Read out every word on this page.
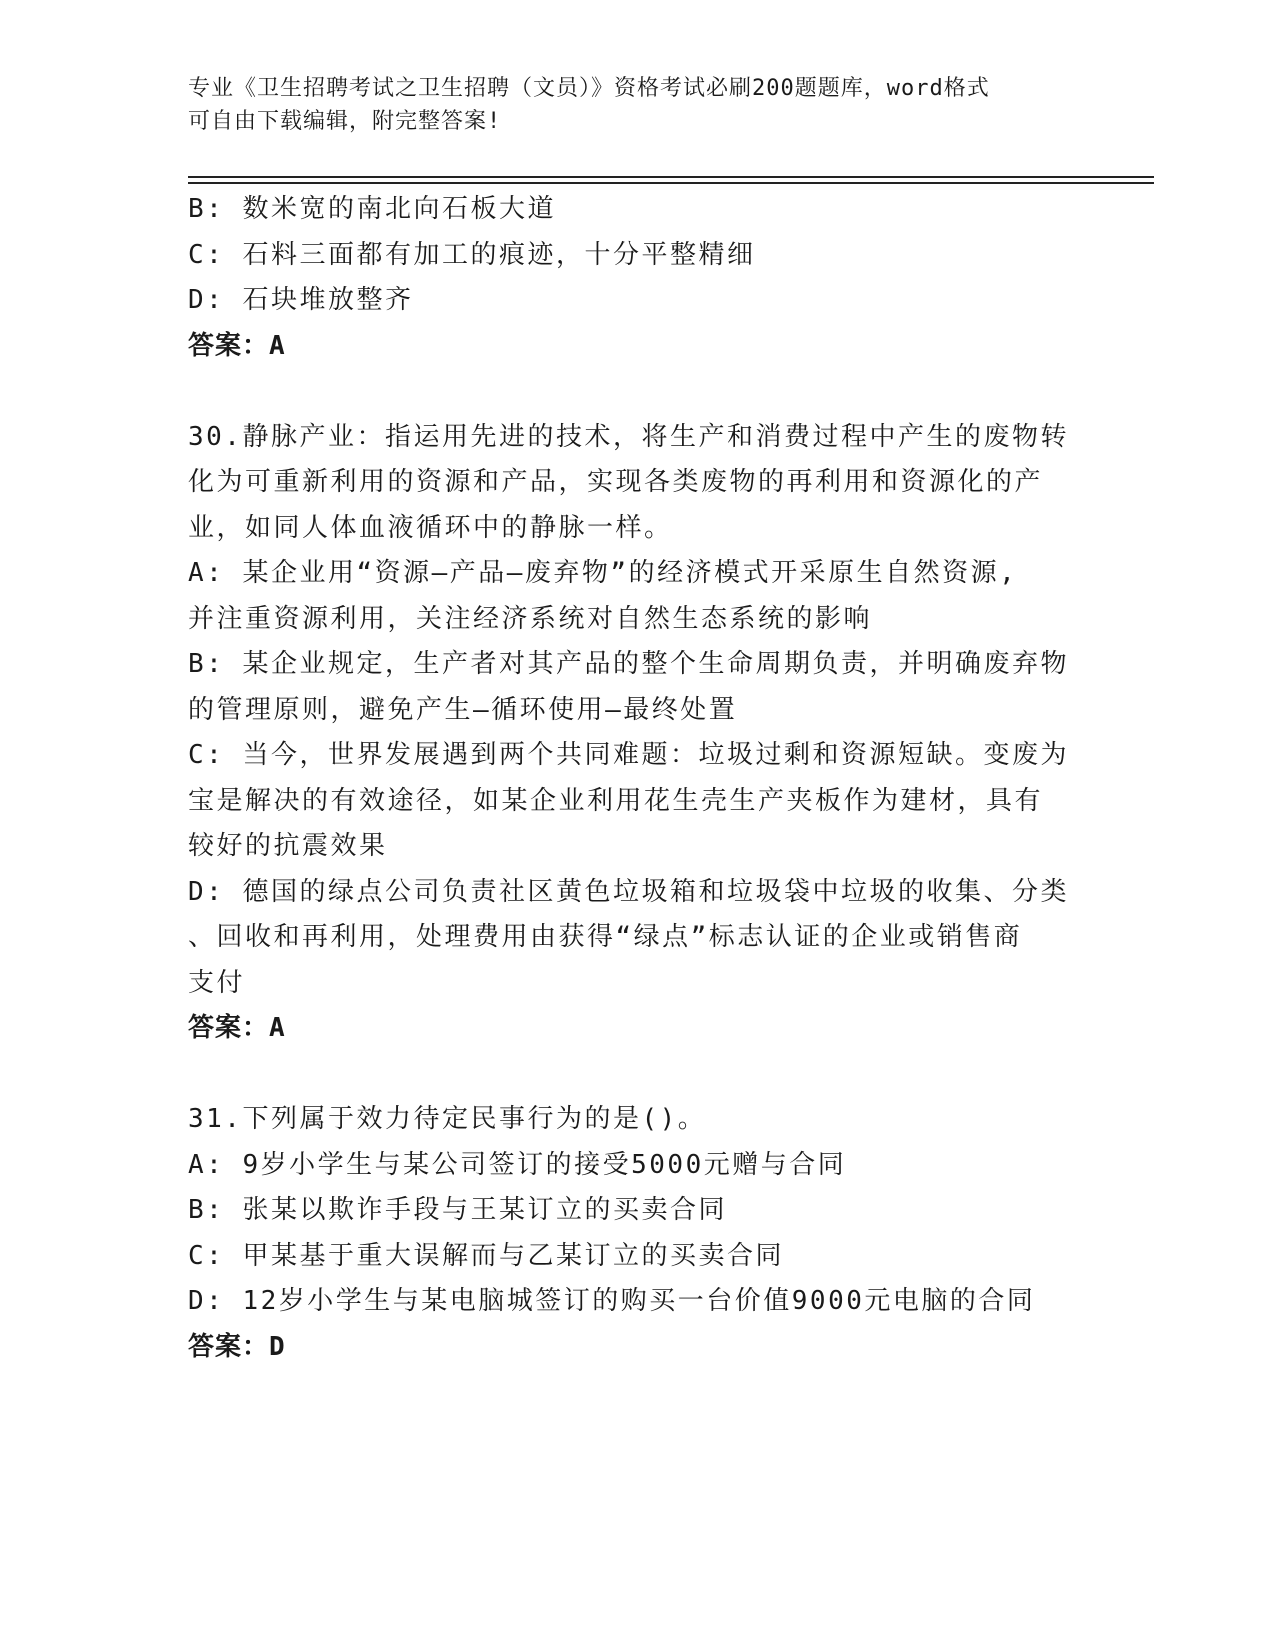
专业《卫生招聘考试之卫生招聘（文员）》资格考试必刷200题题库，word格式
可自由下载编辑，附完整答案!
B: 数米宽的南北向石板大道
C: 石料三面都有加工的痕迹，十分平整精细
D: 石块堆放整齐
答案：A
30.静脉产业：指运用先进的技术，将生产和消费过程中产生的废物转
化为可重新利用的资源和产品，实现各类废物的再利用和资源化的产
业，如同人体血液循环中的静脉一样。
A: 某企业用“资源—产品—废弃物”的经济模式开采原生自然资源,
并注重资源利用，关注经济系统对自然生态系统的影响
B: 某企业规定，生产者对其产品的整个生命周期负责，并明确废弃物
的管理原则，避免产生—循环使用—最终处置
C: 当今，世界发展遇到两个共同难题：垃圾过剩和资源短缺。变废为
宝是解决的有效途径，如某企业利用花生壳生产夹板作为建材，具有
较好的抗震效果
D: 德国的绿点公司负责社区黄色垃圾箱和垃圾袋中垃圾的收集、分类
、回收和再利用，处理费用由获得“绿点”标志认证的企业或销售商
支付
答案：A
31.下列属于效力待定民事行为的是()。
A: 9岁小学生与某公司签订的接受5000元赠与合同
B: 张某以欺诈手段与王某订立的买卖合同
C: 甲某基于重大误解而与乙某订立的买卖合同
D: 12岁小学生与某电脑城签订的购买一台价值9000元电脑的合同
答案：D
